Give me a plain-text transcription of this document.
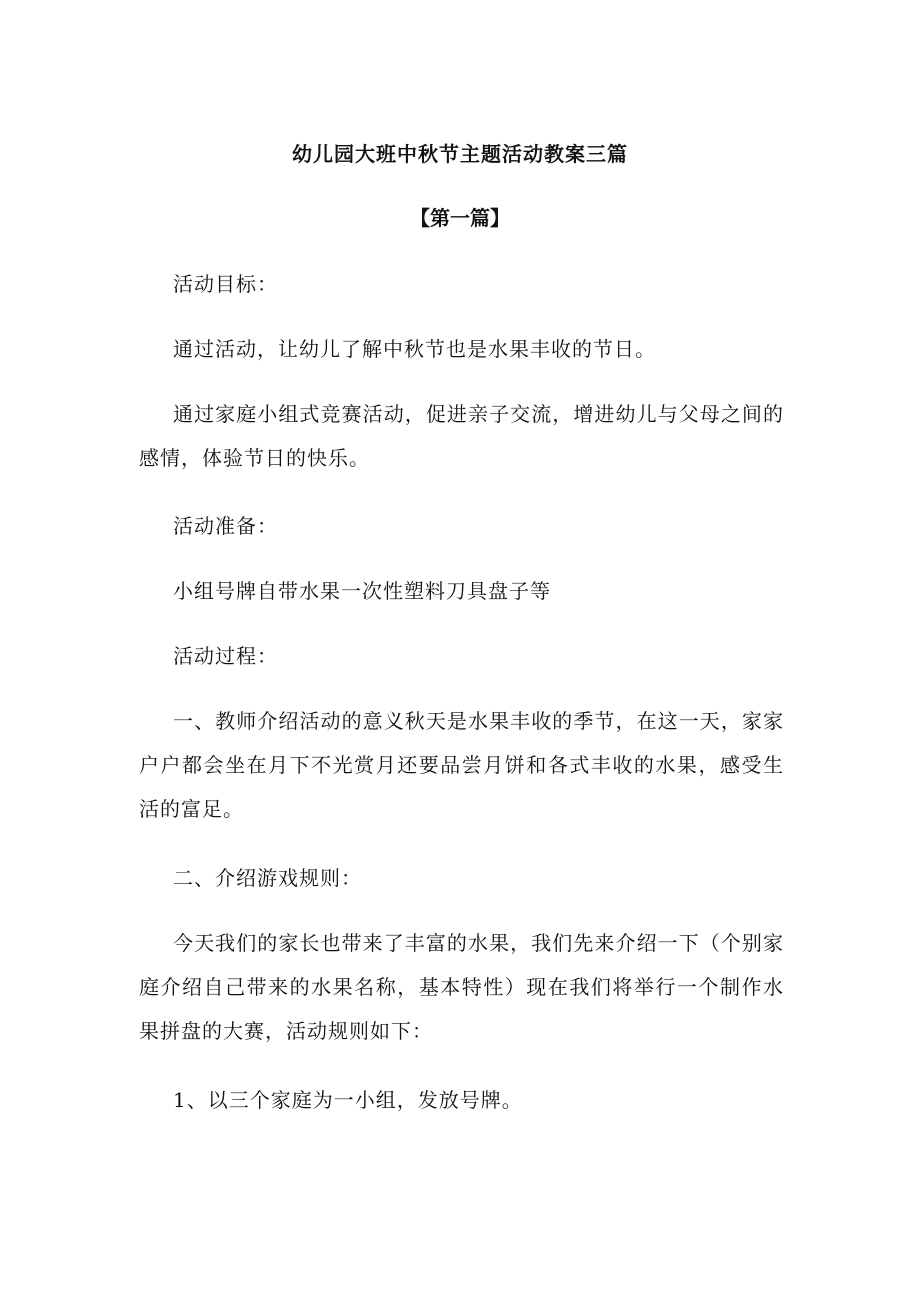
幼儿园大班中秋节主题活动教案三篇
【第一篇】

活动目标：

通过活动，让幼儿了解中秋节也是水果丰收的节日。

通过家庭小组式竞赛活动，促进亲子交流，增进幼儿与父母之间的感情，体验节日的快乐。

活动准备：

小组号牌自带水果一次性塑料刀具盘子等

活动过程：

一、教师介绍活动的意义秋天是水果丰收的季节，在这一天，家家户户都会坐在月下不光赏月还要品尝月饼和各式丰收的水果，感受生活的富足。

二、介绍游戏规则：

今天我们的家长也带来了丰富的水果，我们先来介绍一下（个别家庭介绍自己带来的水果名称，基本特性）现在我们将举行一个制作水果拼盘的大赛，活动规则如下：

1、以三个家庭为一小组，发放号牌。
